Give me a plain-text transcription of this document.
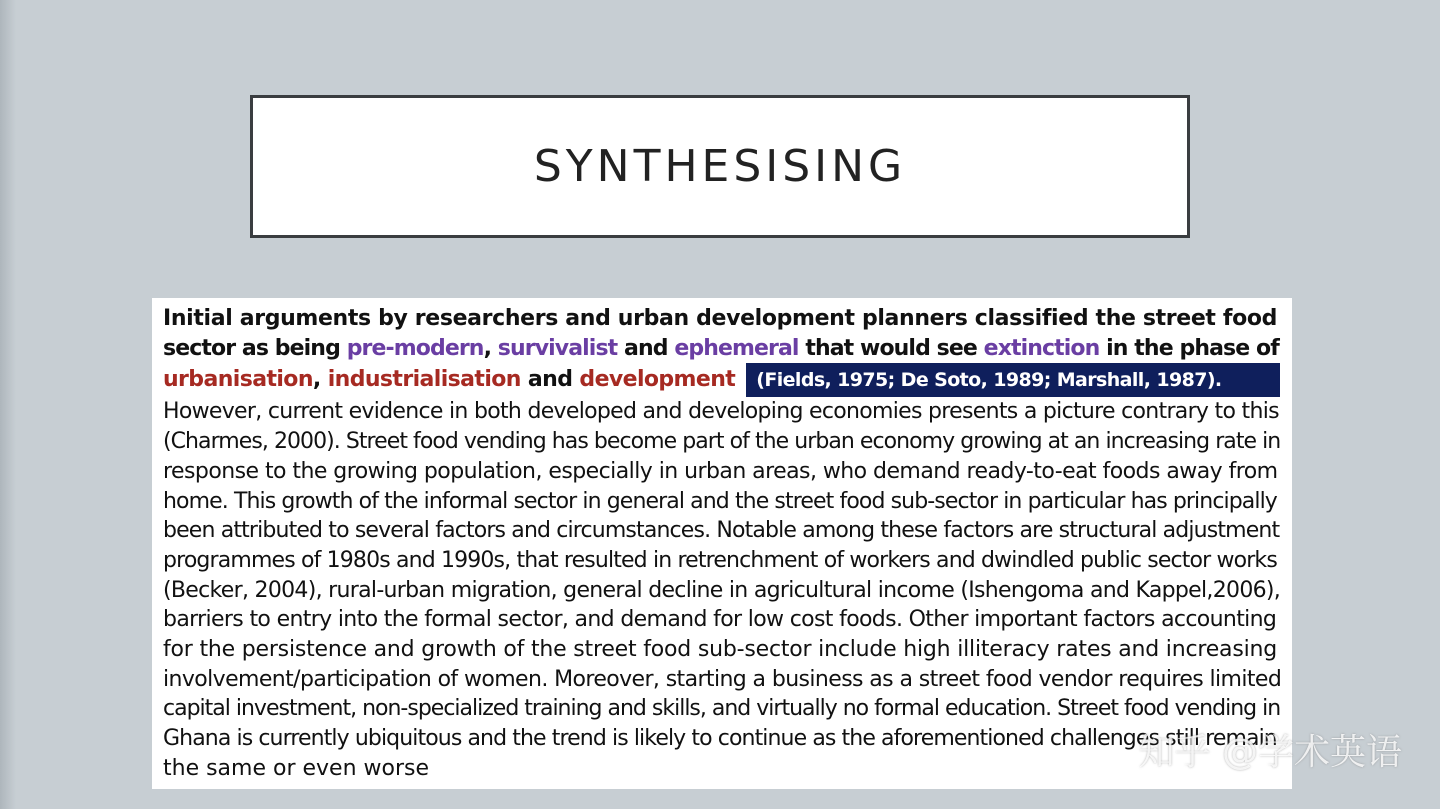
SYNTHESISING

Initial arguments by researchers and urban development planners classified the street food

sector as being pre-modern, survivalist and ephemeral that would see extinction in the phase of

urbanisation, industrialisation and development (Fields, 1975; De Soto, 1989; Marshall, 1987).

However, current evidence in both developed and developing economies presents a picture contrary to this

(Charmes, 2000). Street food vending has become part of the urban economy growing at an increasing rate in

response to the growing population, especially in urban areas, who demand ready-to-eat foods away from

home. This growth of the informal sector in general and the street food sub-sector in particular has principally

been attributed to several factors and circumstances. Notable among these factors are structural adjustment

programmes of 1980s and 1990s, that resulted in retrenchment of workers and dwindled public sector works

(Becker, 2004), rural-urban migration, general decline in agricultural income (Ishengoma and Kappel,2006),

barriers to entry into the formal sector, and demand for low cost foods. Other important factors accounting

for the persistence and growth of the street food sub-sector include high illiteracy rates and increasing

involvement/participation of women. Moreover, starting a business as a street food vendor requires limited

capital investment, non-specialized training and skills, and virtually no formal education. Street food vending in

Ghana is currently ubiquitous and the trend is likely to continue as the aforementioned challenges still remain

the same or even worse	知乎 @学术英语
